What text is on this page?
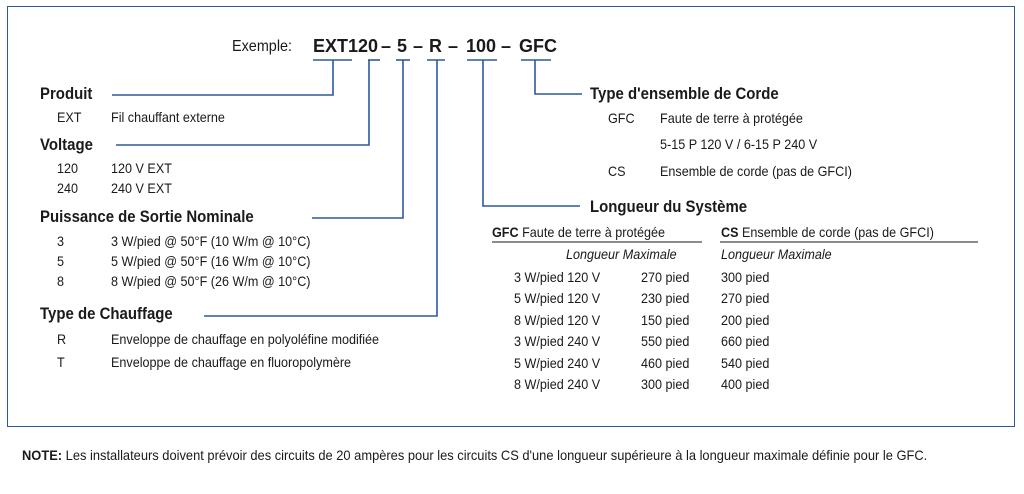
Exemple: EXT120 – 5 – R – 100 – GFC
Produit
EXT Fil chauffant externe
Voltage
120 120 V EXT
240 240 V EXT
Puissance de Sortie Nominale
3	3 W/pied @ 50°F (10 W/m @ 10°C)
5	5 W/pied @ 50°F (16 W/m @ 10°C)
8	8 W/pied @ 50°F (26 W/m @ 10°C)
Type de Chauffage
R	Enveloppe de chauffage en polyoléfine modifiée
T	Enveloppe de chauffage en fluoropolymère
Type d'ensemble de Corde
GFC Faute de terre à protégée
5-15 P 120 V / 6-15 P 240 V
CS Ensemble de corde (pas de GFCI)
Longueur du Système
GFC Faute de terre à protégée	CS Ensemble de corde (pas de GFCI)
Longueur Maximale	Longueur Maximale
3 W/pied 120 V	270 pied 300 pied
5 W/pied 120 V	230 pied 270 pied
8 W/pied 120 V	150 pied 200 pied
3 W/pied 240 V	550 pied 660 pied
5 W/pied 240 V	460 pied 540 pied
8 W/pied 240 V	300 pied 400 pied
NOTE: Les installateurs doivent prévoir des circuits de 20 ampères pour les circuits CS d'une longueur supérieure à la longueur maximale définie pour le GFC.
